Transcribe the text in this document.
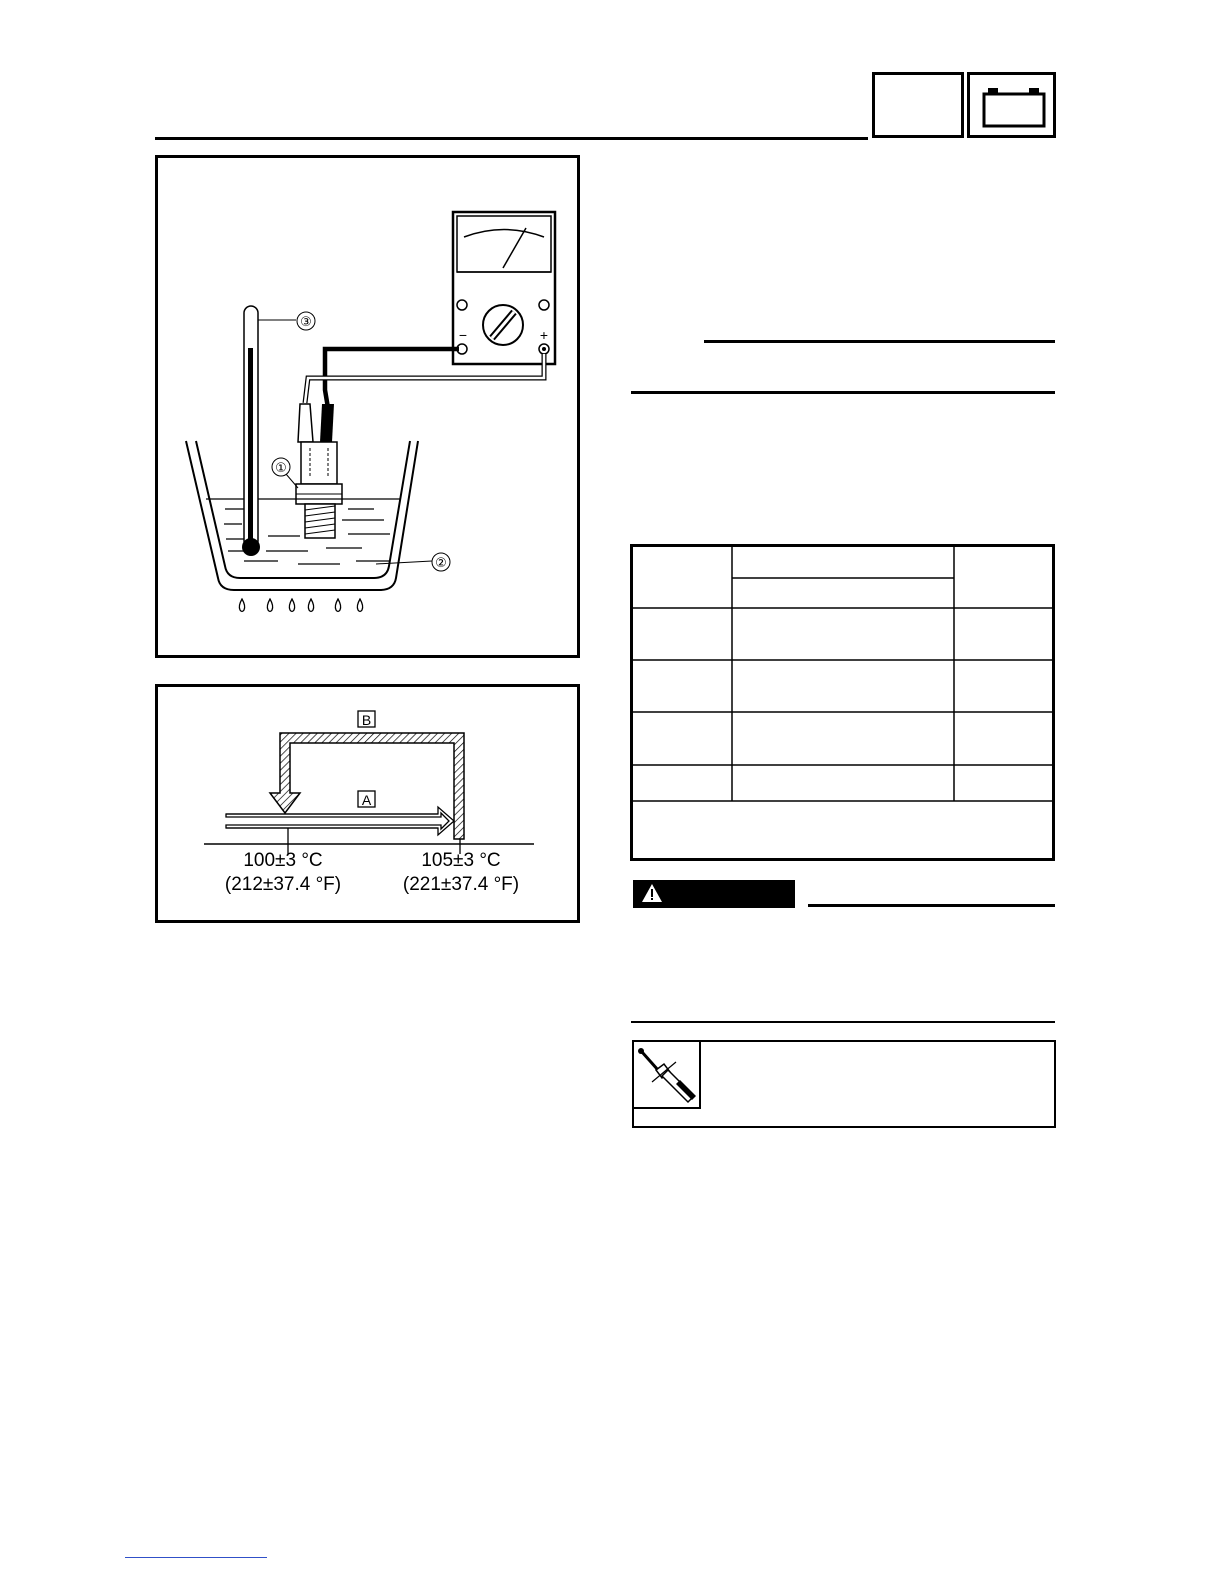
−	+
①
②
③
B
A
100±3 °C
(212±37.4 °F)
105±3 °C
(221±37.4 °F)
